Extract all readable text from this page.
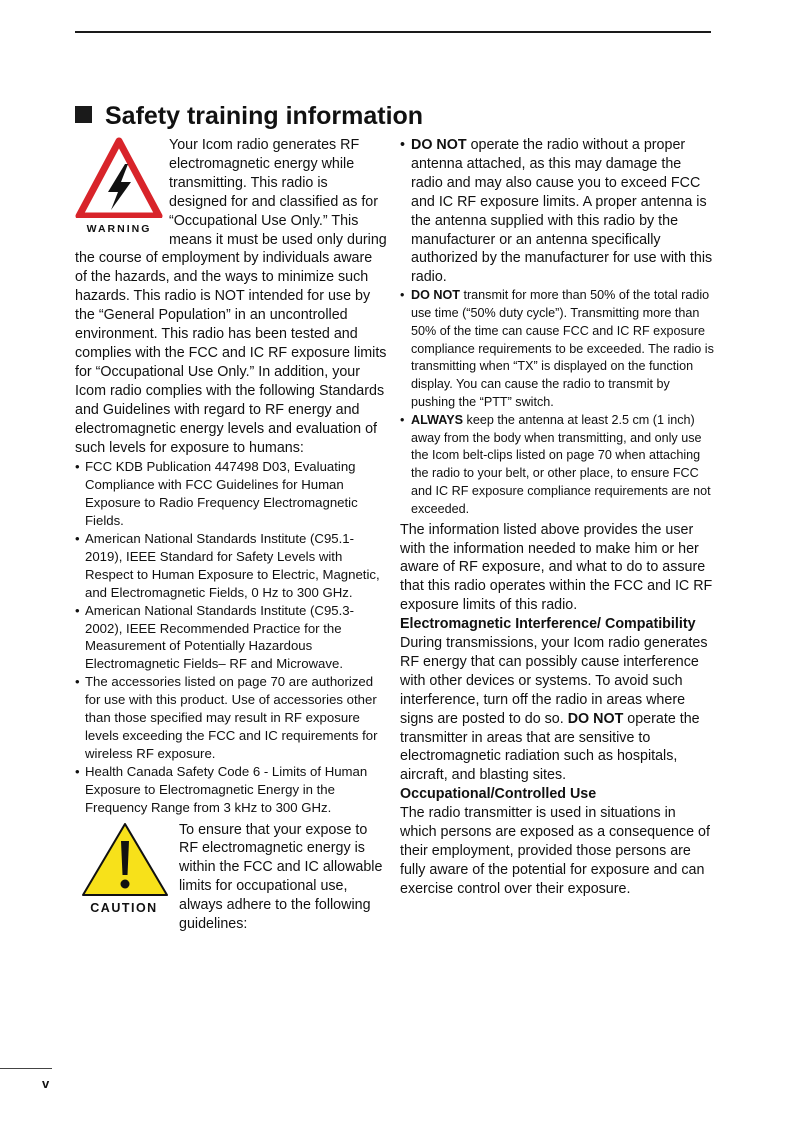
Safety training information
WARNING

Your Icom radio generates RF electromagnetic energy while transmitting. This radio is designed for and classified as for “Occupational Use Only.” This means it must be used only during the course of employment by individuals aware of the hazards, and the ways to minimize such hazards. This radio is NOT intended for use by the “General Population” in an uncontrolled environment. This radio has been tested and complies with the FCC and IC RF exposure limits for “Occupational Use Only.” In addition, your Icom radio complies with the following Standards and Guidelines with regard to RF energy and electromagnetic energy levels and evaluation of such levels for exposure to humans:

• FCC KDB Publication 447498 D03, Evaluating Compliance with FCC Guidelines for Human Exposure to Radio Frequency Electromagnetic Fields.
• American National Standards Institute (C95.1-2019), IEEE Standard for Safety Levels with Respect to Human Exposure to Electric, Magnetic, and Electromagnetic Fields, 0 Hz to 300 GHz.
• American National Standards Institute (C95.3-2002), IEEE Recommended Practice for the Measurement of Potentially Hazardous Electromagnetic Fields– RF and Microwave.
• The accessories listed on page 70 are authorized for use with this product. Use of accessories other than those specified may result in RF exposure levels exceeding the FCC and IC requirements for wireless RF exposure.
• Health Canada Safety Code 6 - Limits of Human Exposure to Electromagnetic Energy in the Frequency Range from 3 kHz to 300 GHz.
CAUTION

To ensure that your expose to RF electromagnetic energy is within the FCC and IC allowable limits for occupational use, always adhere to the following guidelines:

• DO NOT operate the radio without a proper antenna attached, as this may damage the radio and may also cause you to exceed FCC and IC RF exposure limits. A proper antenna is the antenna supplied with this radio by the manufacturer or an antenna specifically authorized by the manufacturer for use with this radio.
• DO NOT transmit for more than 50% of the total radio use time (“50% duty cycle”). Transmitting more than 50% of the time can cause FCC and IC RF exposure compliance requirements to be exceeded. The radio is transmitting when “TX” is displayed on the function display. You can cause the radio to transmit by pushing the “PTT” switch.
• ALWAYS keep the antenna at least 2.5 cm (1 inch) away from the body when transmitting, and only use the Icom belt-clips listed on page 70 when attaching the radio to your belt, or other place, to ensure FCC and IC RF exposure compliance requirements are not exceeded.

The information listed above provides the user with the information needed to make him or her aware of RF exposure, and what to do to assure that this radio operates within the FCC and IC RF exposure limits of this radio.

Electromagnetic Interference/ Compatibility

During transmissions, your Icom radio generates RF energy that can possibly cause interference with other devices or systems. To avoid such interference, turn off the radio in areas where signs are posted to do so. DO NOT operate the transmitter in areas that are sensitive to electromagnetic radiation such as hospitals, aircraft, and blasting sites.

Occupational/Controlled Use

The radio transmitter is used in situations in which persons are exposed as a consequence of their employment, provided those persons are fully aware of the potential for exposure and can exercise control over their exposure.

v
